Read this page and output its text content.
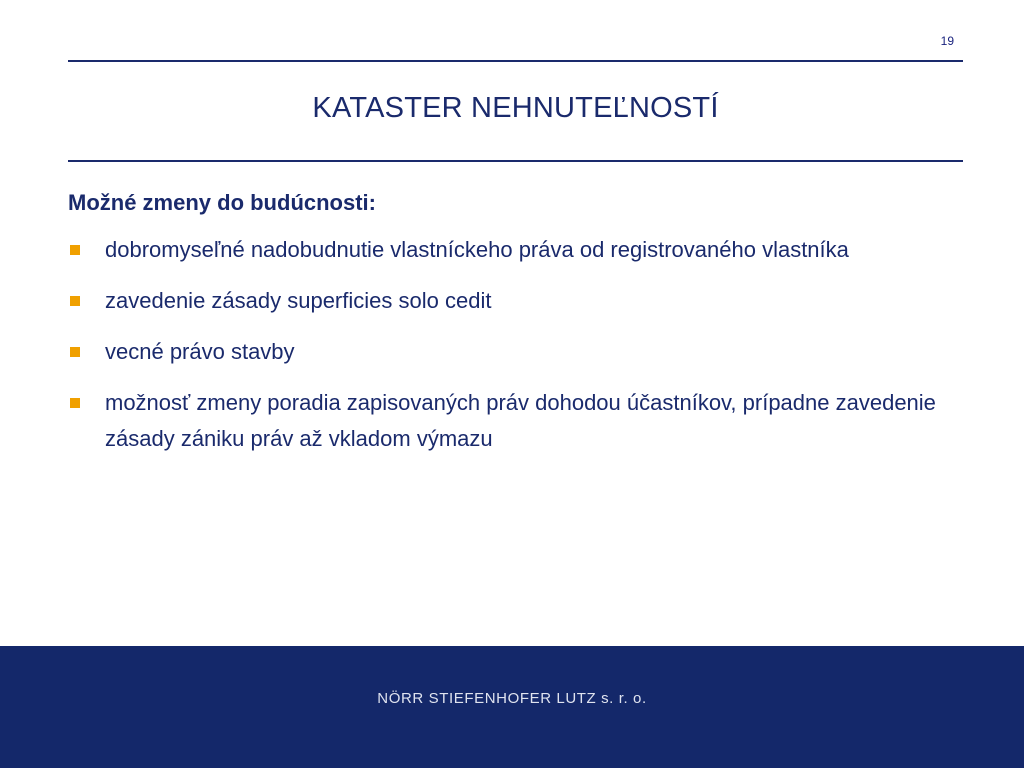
19
KATASTER NEHNUTEĽNOSTÍ
Možné zmeny do budúcnosti:
dobromyseľné nadobudnutie vlastníckeho práva od registrovaného vlastníka
zavedenie zásady superficies solo cedit
vecné právo stavby
možnosť zmeny poradia zapisovaných práv dohodou účastníkov, prípadne zavedenie zásady zániku práv až vkladom výmazu
NÖRR STIEFENHOFER LUTZ s. r. o.
